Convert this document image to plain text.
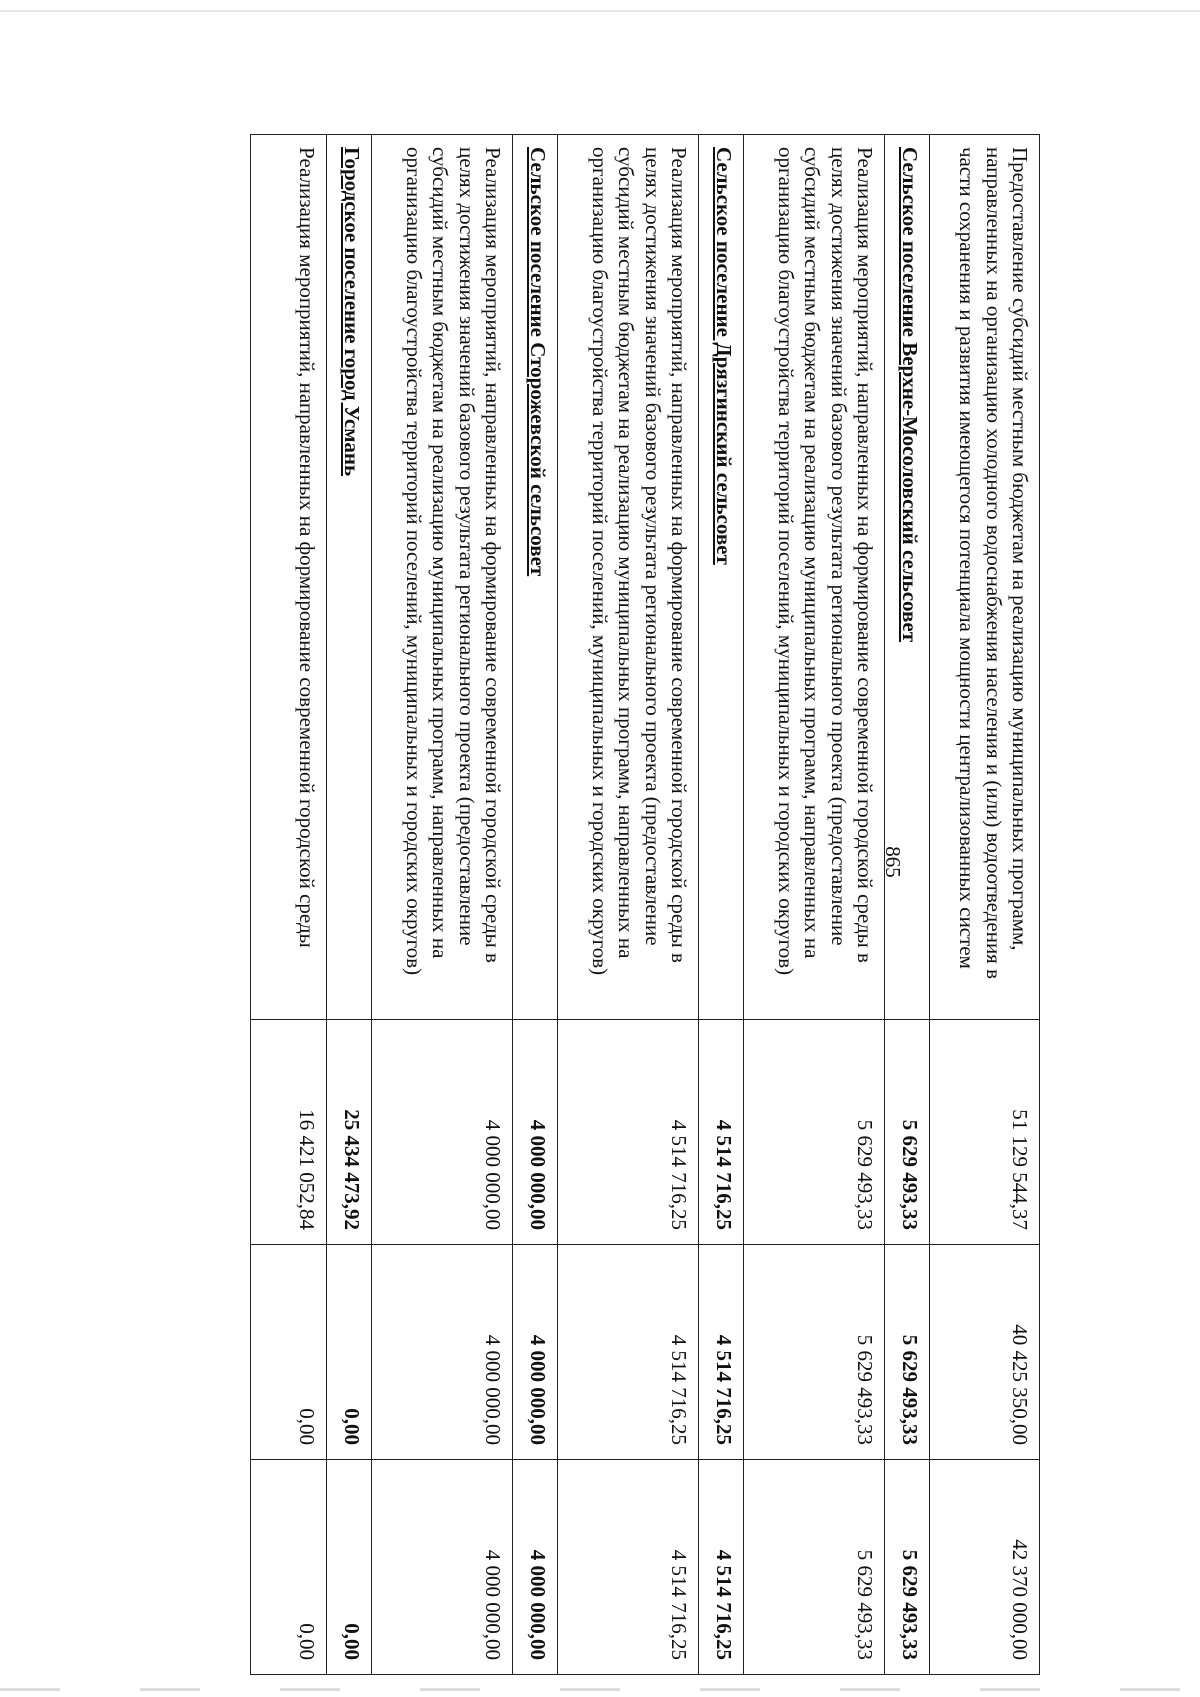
865	Предоставление субсидий местным бюджетам на реализацию муниципальных программ, направленных на организацию холодного водоснабжения населения и (или) водоотведения в части сохранения и развития имеющегося потенциала мощности централизованных систем	51 129 544,37	40 425 350,00	42 370 000,00
Сельское поселение Верхне-Мосоловский сельсовет	5 629 493,33	5 629 493,33	5 629 493,33
Реализация мероприятий, направленных на формирование современной городской среды в целях достижения значений базового результата регионального проекта (предоставление субсидий местным бюджетам на реализацию муниципальных программ, направленных на организацию благоустройства территорий поселений, муниципальных и городских округов)	5 629 493,33	5 629 493,33	5 629 493,33
Сельское поселение Дрязгинский сельсовет	4 514 716,25	4 514 716,25	4 514 716,25
Реализация мероприятий, направленных на формирование современной городской среды в целях достижения значений базового результата регионального проекта (предоставление субсидий местным бюджетам на реализацию муниципальных программ, направленных на организацию благоустройства территорий поселений, муниципальных и городских округов)	4 514 716,25	4 514 716,25	4 514 716,25
Сельское поселение Сторожевской сельсовет	4 000 000,00	4 000 000,00	4 000 000,00
Реализация мероприятий, направленных на формирование современной городской среды в целях достижения значений базового результата регионального проекта (предоставление субсидий местным бюджетам на реализацию муниципальных программ, направленных на организацию благоустройства территорий поселений, муниципальных и городских округов)	4 000 000,00	4 000 000,00	4 000 000,00
Городское поселение город Усмань	25 434 473,92	0,00	0,00
Реализация мероприятий, направленных на формирование современной городской среды	16 421 052,84	0,00	0,00
